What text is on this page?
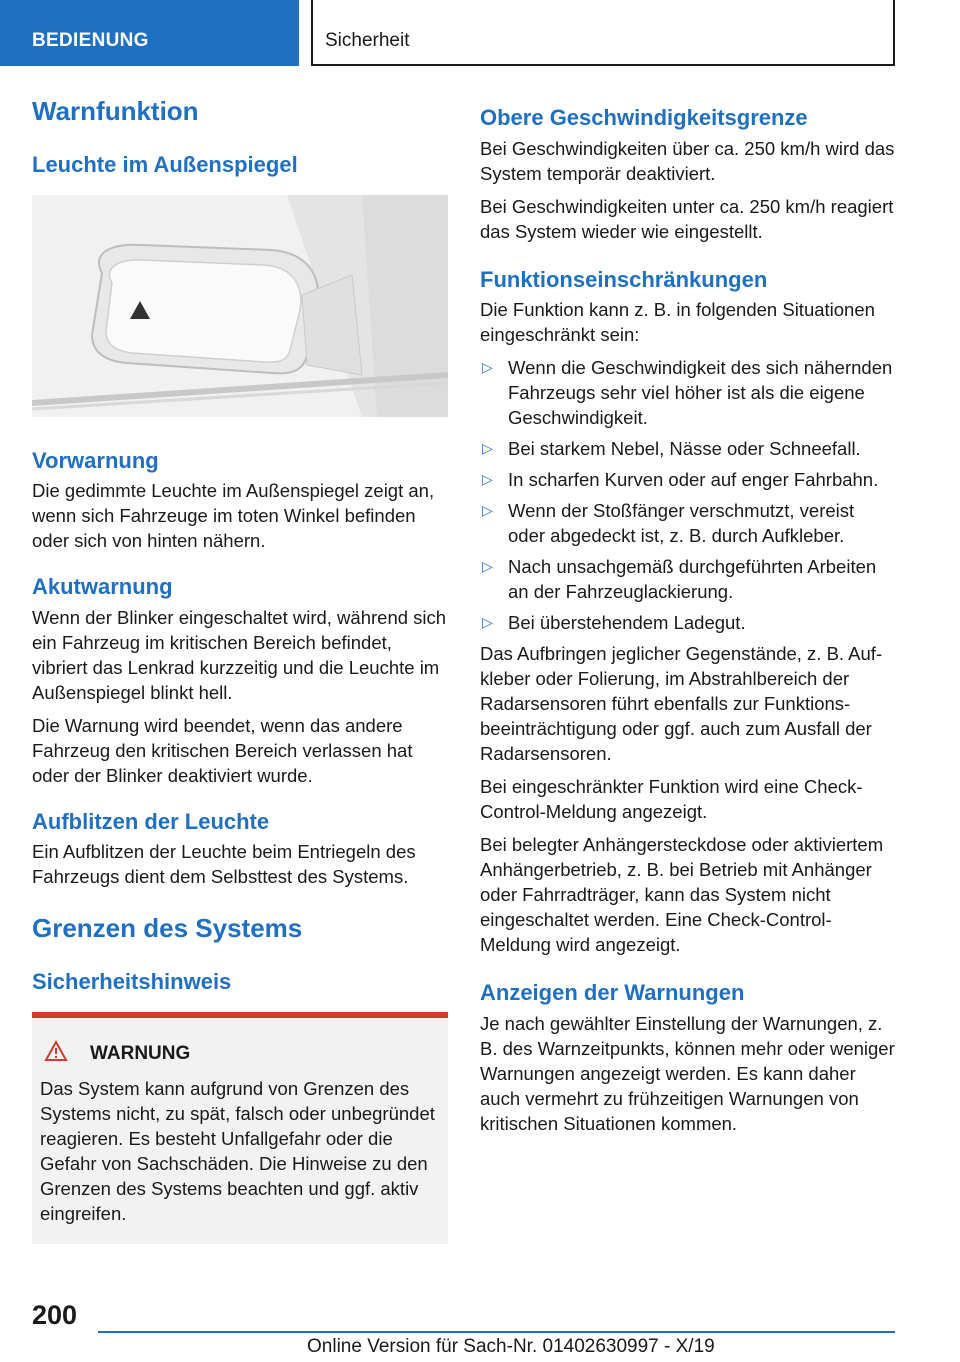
BEDIENUNG	Sicherheit
Warnfunktion
Leuchte im Außenspiegel
Vorwarnung

Die gedimmte Leuchte im Außenspiegel zeigt an, wenn sich Fahrzeuge im toten Winkel befinden oder sich von hinten nähern.

Akutwarnung

Wenn der Blinker eingeschaltet wird, während sich ein Fahrzeug im kritischen Bereich befindet, vibriert das Lenkrad kurzzeitig und die Leuchte im Außenspiegel blinkt hell.

Die Warnung wird beendet, wenn das andere Fahrzeug den kritischen Bereich verlassen hat oder der Blinker deaktiviert wurde.

Aufblitzen der Leuchte

Ein Aufblitzen der Leuchte beim Entriegeln des Fahrzeugs dient dem Selbsttest des Systems.

Grenzen des Systems
Sicherheitshinweis
WARNUNG

Das System kann aufgrund von Grenzen des Systems nicht, zu spät, falsch oder unbegründet reagieren. Es besteht Unfallgefahr oder die Gefahr von Sachschäden. Die Hinweise zu den Grenzen des Systems beachten und ggf. aktiv eingreifen.

Obere Geschwindigkeitsgrenze

Bei Geschwindigkeiten über ca. 250 km/h wird das System temporär deaktiviert.

Bei Geschwindigkeiten unter ca. 250 km/h reagiert das System wieder wie eingestellt.

Funktionseinschränkungen

Die Funktion kann z. B. in folgenden Situationen eingeschränkt sein:

▷ Wenn die Geschwindigkeit des sich nähernden Fahrzeugs sehr viel höher ist als die eigene Geschwindigkeit.
▷ Bei starkem Nebel, Nässe oder Schneefall.
▷ In scharfen Kurven oder auf enger Fahrbahn.
▷ Wenn der Stoßfänger verschmutzt, vereist oder abgedeckt ist, z. B. durch Aufkleber.
▷ Nach unsachgemäß durchgeführten Arbeiten an der Fahrzeuglackierung.
▷ Bei überstehendem Ladegut.

Das Aufbringen jeglicher Gegenstände, z. B. Aufkleber oder Folierung, im Abstrahlbereich der Radarsensoren führt ebenfalls zur Funktionsbeeinträchtigung oder ggf. auch zum Ausfall der Radarsensoren.

Bei eingeschränkter Funktion wird eine Check-Control-Meldung angezeigt.

Bei belegter Anhängersteckdose oder aktiviertem Anhängerbetrieb, z. B. bei Betrieb mit Anhänger oder Fahrradträger, kann das System nicht eingeschaltet werden. Eine Check-Control-Meldung wird angezeigt.

Anzeigen der Warnungen

Je nach gewählter Einstellung der Warnungen, z. B. des Warnzeitpunkts, können mehr oder weniger Warnungen angezeigt werden. Es kann daher auch vermehrt zu frühzeitigen Warnungen von kritischen Situationen kommen.

200
Online Version für Sach-Nr. 01402630997 - X/19
